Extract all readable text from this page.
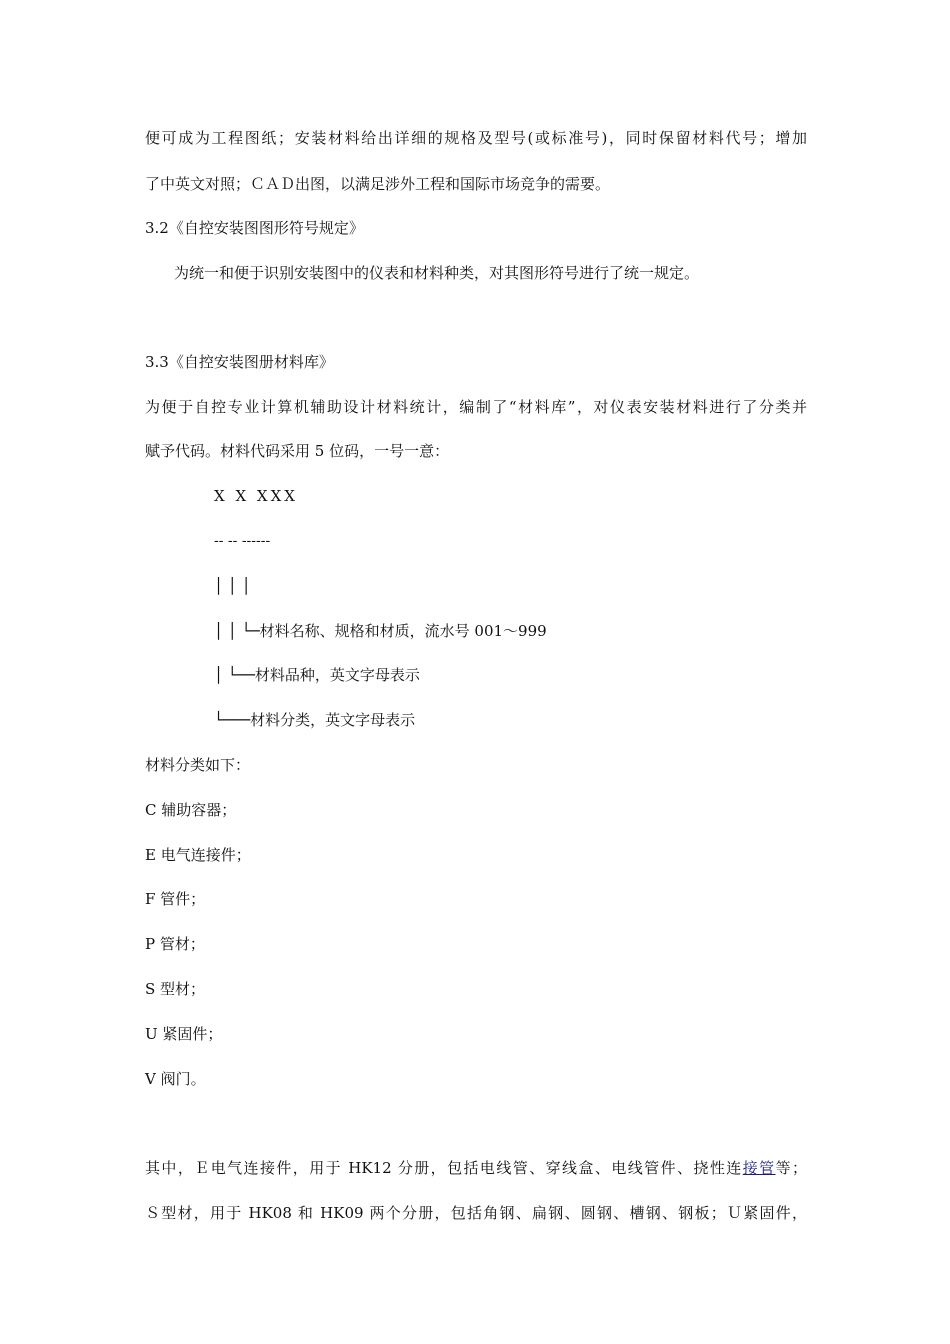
便可成为工程图纸；安装材料给出详细的规格及型号(或标准号)，同时保留材料代号；增加
了中英文对照；ＣＡＤ出图，以满足涉外工程和国际市场竞争的需要。
3.2《自控安装图图形符号规定》
为统一和便于识别安装图中的仪表和材料种类，对其图形符号进行了统一规定。
3.3《自控安装图册材料库》
为便于自控专业计算机辅助设计材料统计，编制了“材料库”，对仪表安装材料进行了分类并
赋予代码。材料代码采用 5 位码，一号一意：
X X XXX
-- -- ------
│ │ │
│ │ └─材料名称、规格和材质，流水号 001～999
│ └──材料品种，英文字母表示
└───材料分类，英文字母表示
材料分类如下：
C 辅助容器；
E 电气连接件；
F 管件；
P 管材；
S 型材；
U 紧固件；
V 阀门。
其中，Ｅ电气连接件，用于 HK12 分册，包括电线管、穿线盒、电线管件、挠性连接管等；
Ｓ型材，用于 HK08 和 HK09 两个分册，包括角钢、扁钢、圆钢、槽钢、钢板；Ｕ紧固件，
